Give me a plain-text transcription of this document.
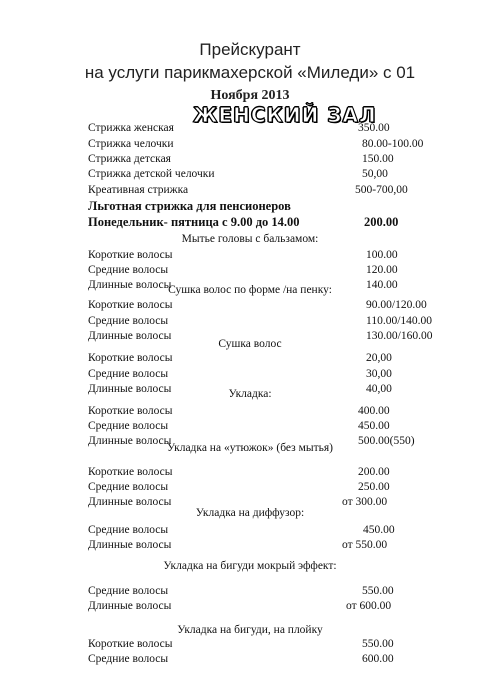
Прейскурант
на услуги парикмахерской «Миледи» с 01
Ноября 2013
ЖЕНСКИЙ ЗАЛ
Стрижка женская	350.00
Стрижка челочки	80.00-100.00
Стрижка детская	150.00
Стрижка детской челочки	50,00
Креативная стрижка	500-700,00
Льготная стрижка для пенсионеров
Понедельник- пятница с 9.00 до 14.00	200.00
Мытье головы с бальзамом:
Короткие волосы	100.00
Средние волосы	120.00
Длинные волосы	140.00
Сушка волос по форме /на пенку:
Короткие волосы	90.00/120.00
Средние волосы	110.00/140.00
Длинные волосы	130.00/160.00
Сушка волос
Короткие волосы	20,00
Средние волосы	30,00
Длинные волосы	40,00
Укладка:
Короткие волосы	400.00
Средние волосы	450.00
Длинные волосы	500.00(550)
Укладка на «утюжок» (без мытья)
Короткие волосы	200.00
Средние волосы	250.00
Длинные волосы	от 300.00
Укладка на диффузор:
Средние волосы	450.00
Длинные волосы	от 550.00
Укладка на бигуди мокрый эффект:
Средние волосы	550.00
Длинные волосы	от 600.00
Укладка на бигуди, на плойку
Короткие волосы	550.00
Средние волосы	600.00
